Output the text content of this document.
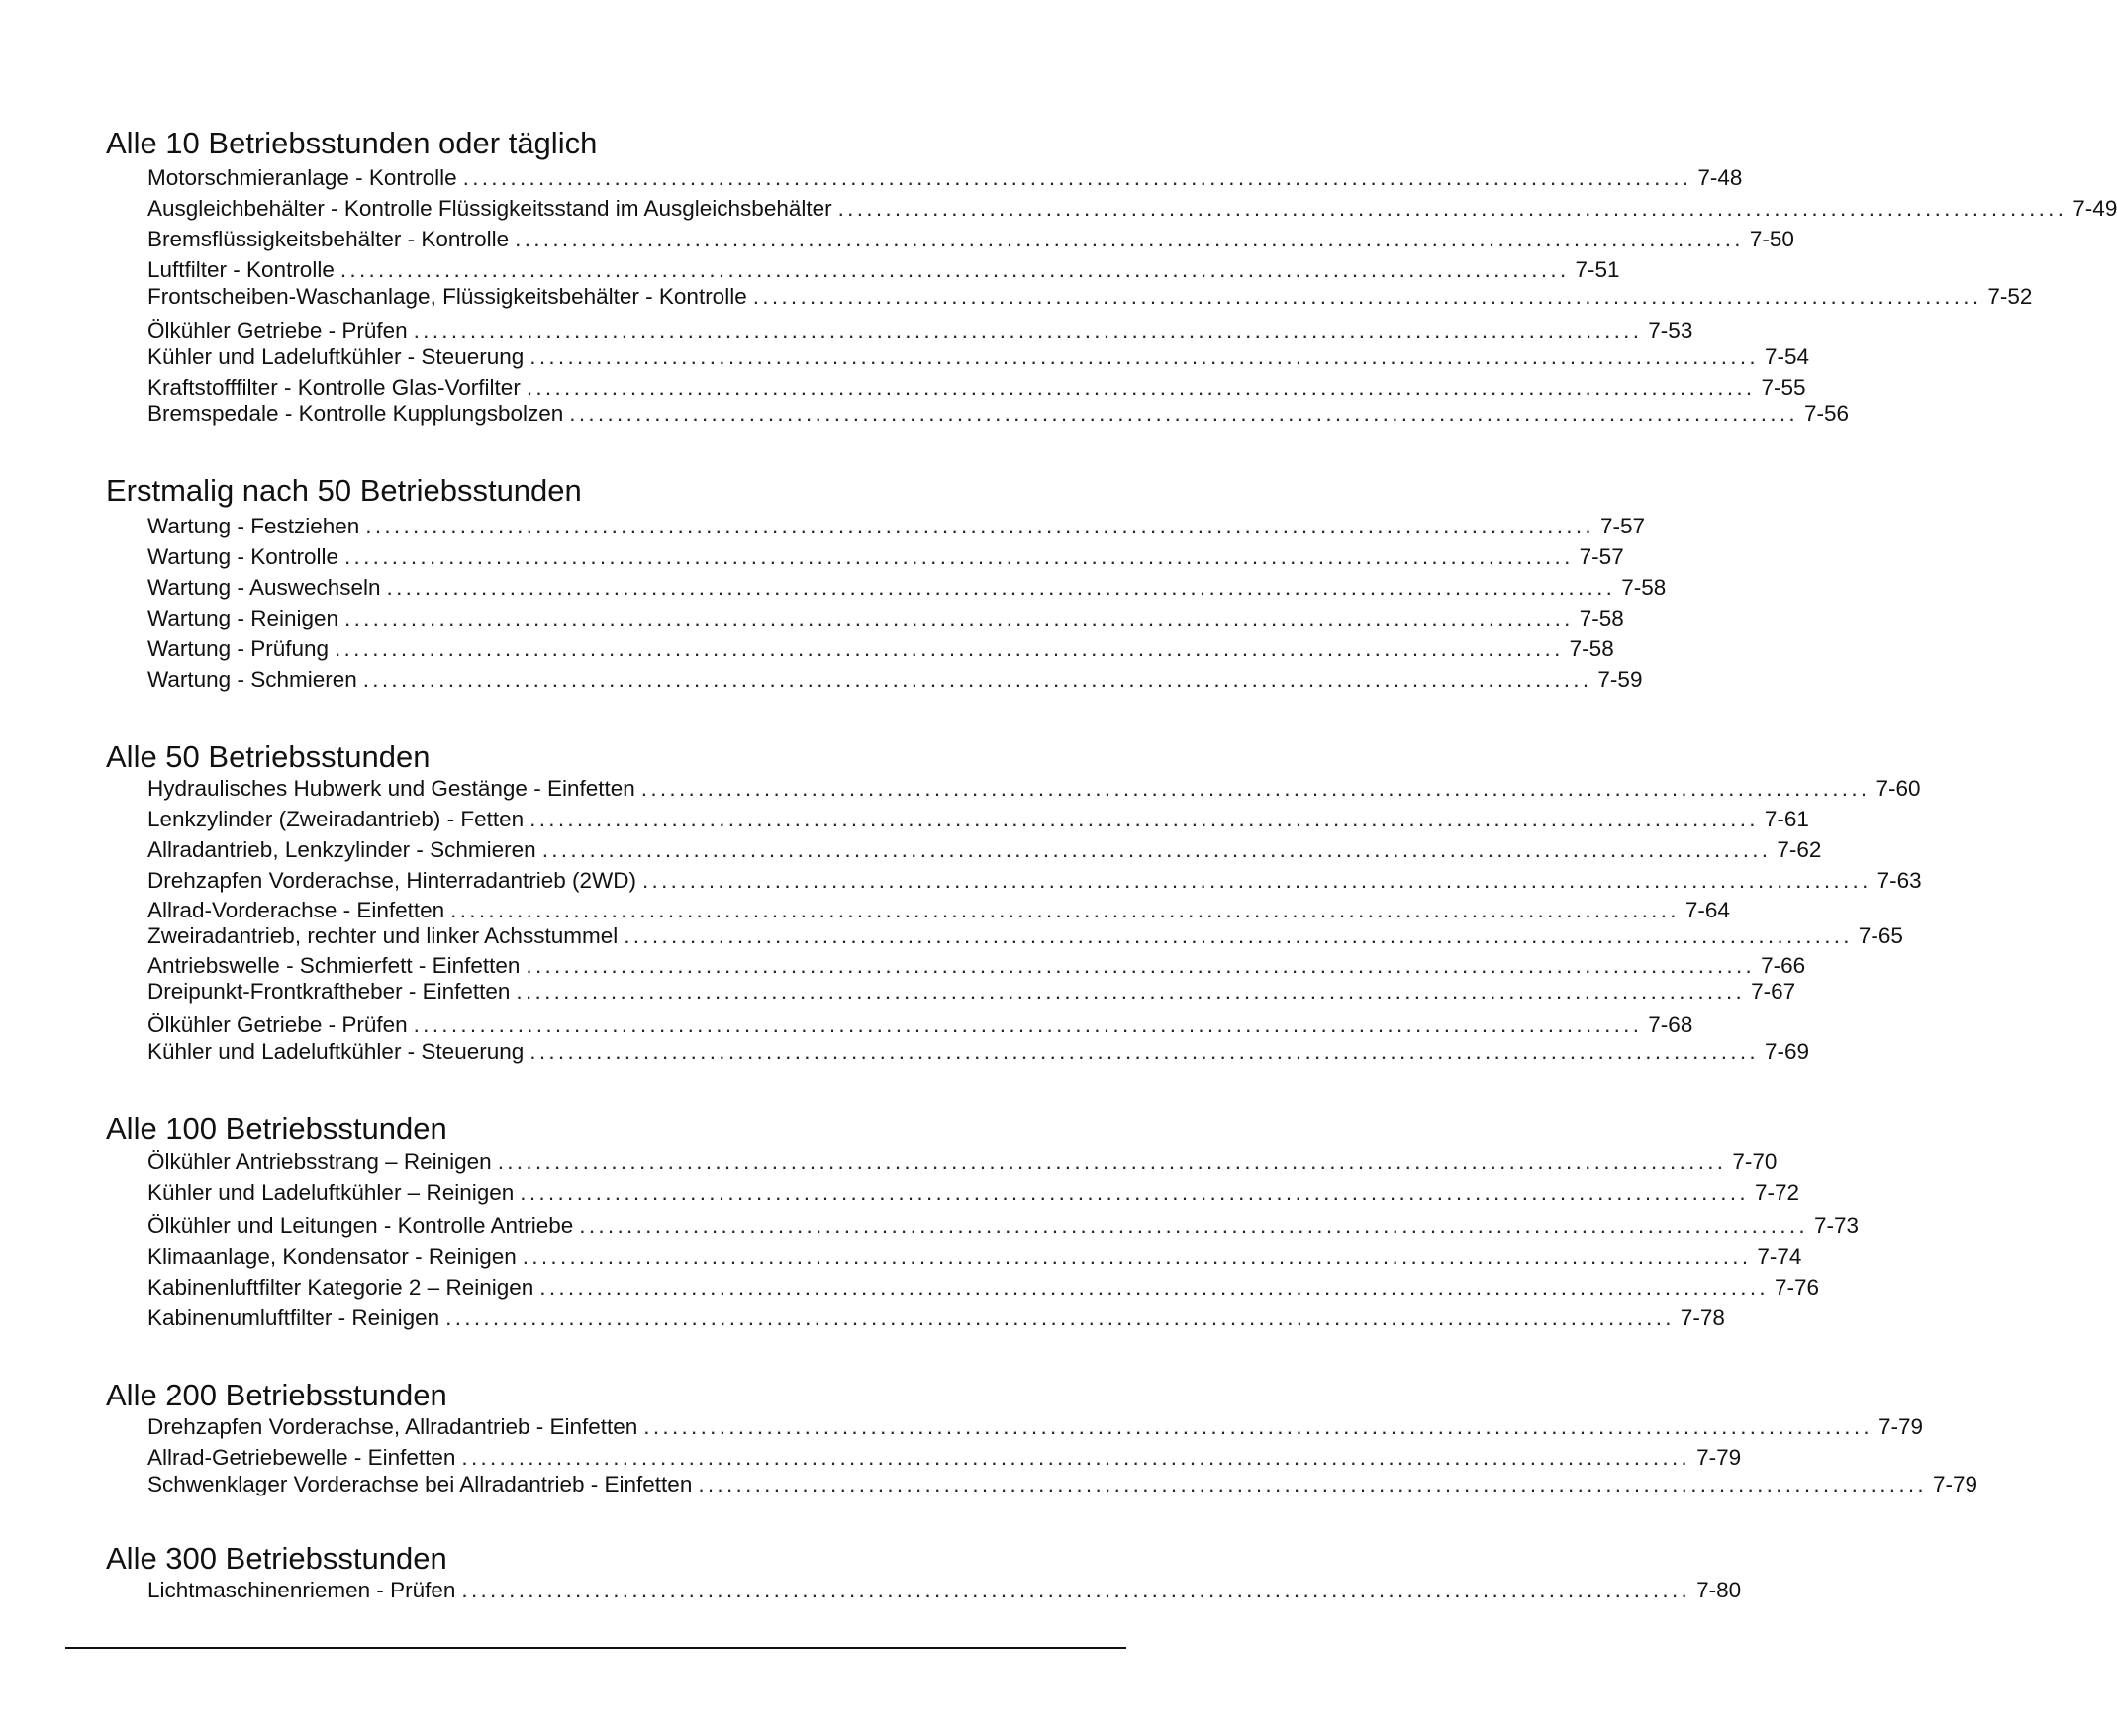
Alle 10 Betriebsstunden oder täglich
Motorschmieranlage - Kontrolle .................................................................................................................................. 7-48
Ausgleichbehälter - Kontrolle Flüssigkeitsstand im Ausgleichsbehälter .................................................................................................................................. 7-49
Bremsflüssigkeitsbehälter - Kontrolle .................................................................................................................................. 7-50
Luftfilter - Kontrolle .................................................................................................................................. 7-51
Frontscheiben-Waschanlage, Flüssigkeitsbehälter - Kontrolle .................................................................................................................................. 7-52
Ölkühler Getriebe - Prüfen .................................................................................................................................. 7-53
Kühler und Ladeluftkühler - Steuerung .................................................................................................................................. 7-54
Kraftstofffilter - Kontrolle Glas-Vorfilter .................................................................................................................................. 7-55
Bremspedale - Kontrolle Kupplungsbolzen .................................................................................................................................. 7-56
Erstmalig nach 50 Betriebsstunden
Wartung - Festziehen .................................................................................................................................. 7-57
Wartung - Kontrolle .................................................................................................................................. 7-57
Wartung - Auswechseln .................................................................................................................................. 7-58
Wartung - Reinigen .................................................................................................................................. 7-58
Wartung - Prüfung .................................................................................................................................. 7-58
Wartung - Schmieren .................................................................................................................................. 7-59
Alle 50 Betriebsstunden
Hydraulisches Hubwerk und Gestänge - Einfetten .................................................................................................................................. 7-60
Lenkzylinder (Zweiradantrieb) - Fetten .................................................................................................................................. 7-61
Allradantrieb, Lenkzylinder - Schmieren .................................................................................................................................. 7-62
Drehzapfen Vorderachse, Hinterradantrieb (2WD) .................................................................................................................................. 7-63
Allrad-Vorderachse - Einfetten .................................................................................................................................. 7-64
Zweiradantrieb, rechter und linker Achsstummel .................................................................................................................................. 7-65
Antriebswelle - Schmierfett - Einfetten .................................................................................................................................. 7-66
Dreipunkt-Frontkraftheber - Einfetten .................................................................................................................................. 7-67
Ölkühler Getriebe - Prüfen .................................................................................................................................. 7-68
Kühler und Ladeluftkühler - Steuerung .................................................................................................................................. 7-69
Alle 100 Betriebsstunden
Ölkühler Antriebsstrang – Reinigen .................................................................................................................................. 7-70
Kühler und Ladeluftkühler – Reinigen .................................................................................................................................. 7-72
Ölkühler und Leitungen - Kontrolle Antriebe .................................................................................................................................. 7-73
Klimaanlage, Kondensator - Reinigen .................................................................................................................................. 7-74
Kabinenluftfilter Kategorie 2 – Reinigen .................................................................................................................................. 7-76
Kabinenumluftfilter - Reinigen .................................................................................................................................. 7-78
Alle 200 Betriebsstunden
Drehzapfen Vorderachse, Allradantrieb - Einfetten .................................................................................................................................. 7-79
Allrad-Getriebewelle - Einfetten .................................................................................................................................. 7-79
Schwenklager Vorderachse bei Allradantrieb - Einfetten .................................................................................................................................. 7-79
Alle 300 Betriebsstunden
Lichtmaschinenriemen - Prüfen .................................................................................................................................. 7-80
